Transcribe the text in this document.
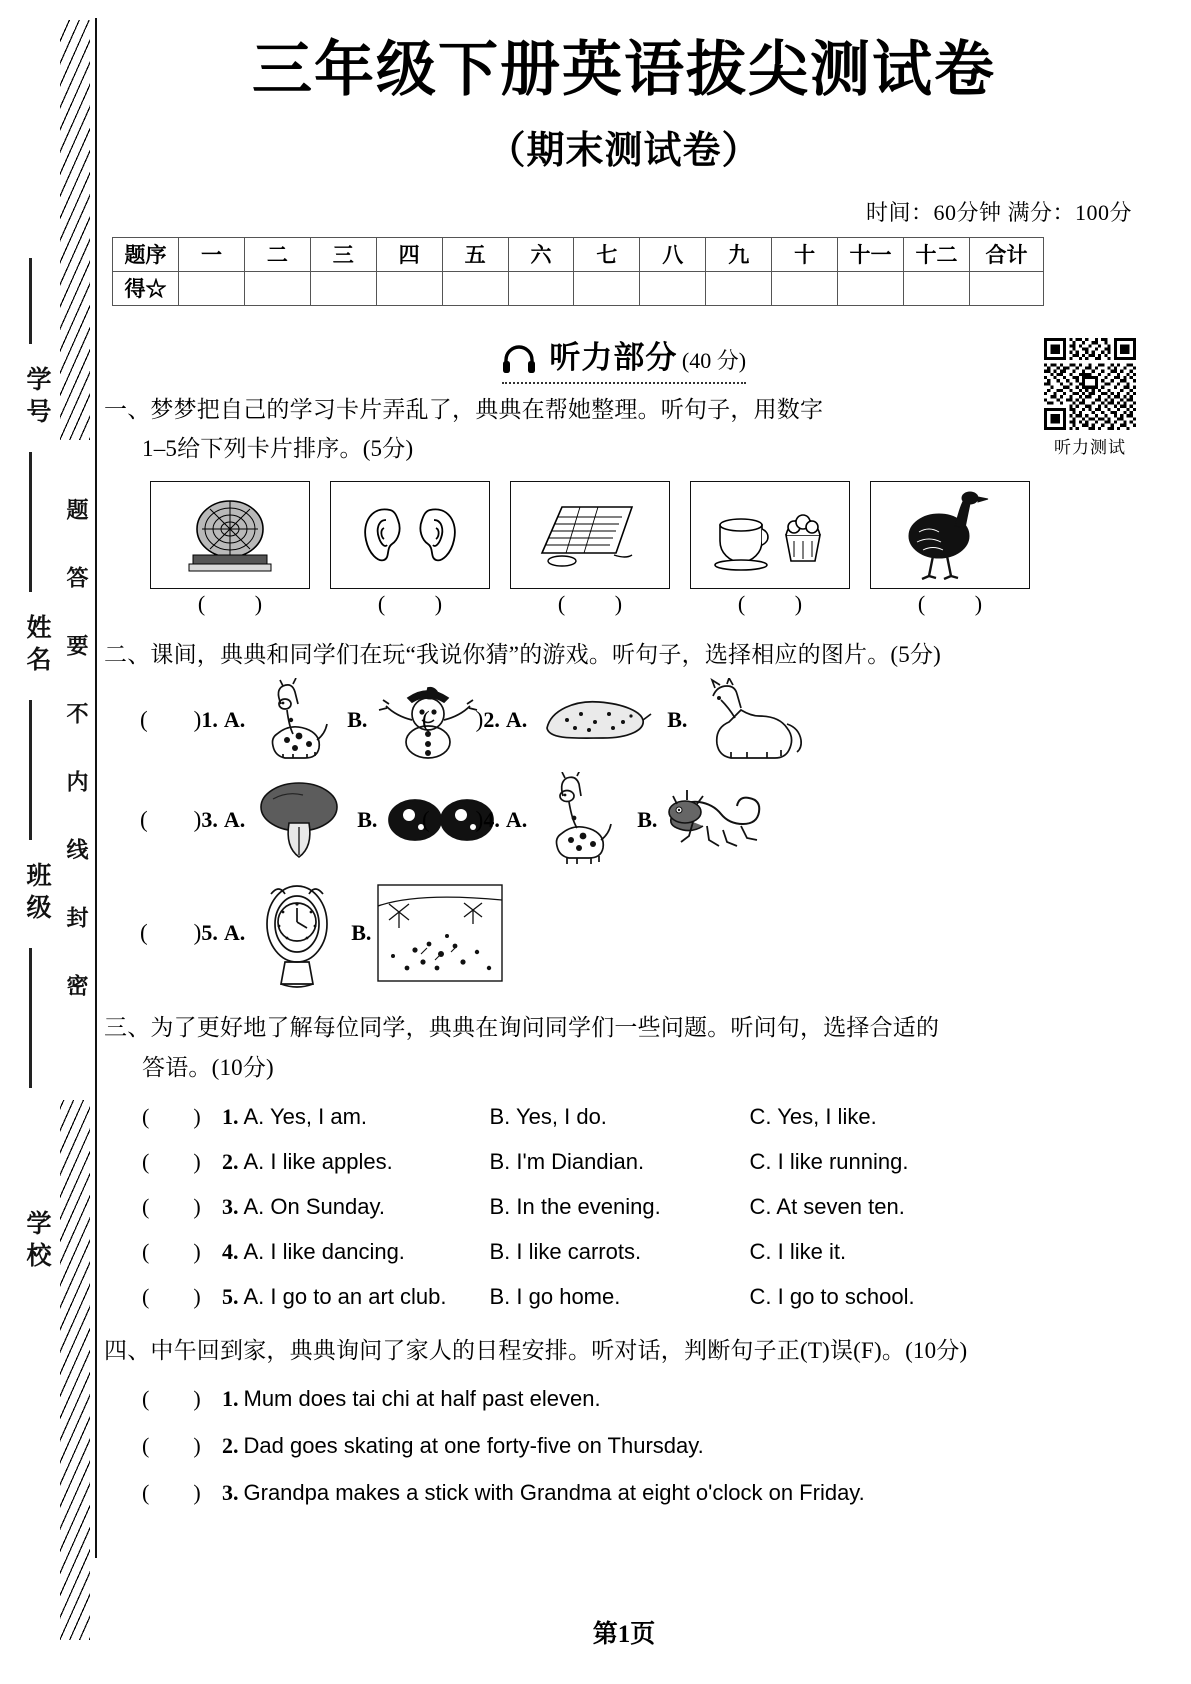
学号
姓名
班级
学校
题答要不内线封密
三年级下册英语拔尖测试卷
（期末测试卷）
时间：60分钟 满分：100分
题序	一	二	三	四	五	六	七	八	九	十	十一	十二	合计
得☆													
听力部分 (40 分)
听力测试
一、梦梦把自己的学习卡片弄乱了，典典在帮她整理。听句子，用数字
1–5给下列卡片排序。(5分)
( )	( )	( )	( )	( )
二、课间，典典和同学们在玩“我说你猜”的游戏。听句子，选择相应的图片。(5分)
(        ) 1. A.	B. (        ) 2. A.	B.
(        ) 3. A.	B. (        ) 4. A.	B.
(        ) 5. A.	B.
三、为了更好地了解每位同学，典典在询问同学们一些问题。听问句，选择合适的
答语。(10分)
(        ) 1. A. Yes, I am.	B. Yes, I do.	C. Yes, I like.
(        ) 2. A. I like apples.	B. I'm Diandian.	C. I like running.
(        ) 3. A. On Sunday.	B. In the evening.	C. At seven ten.
(        ) 4. A. I like dancing.	B. I like carrots.	C. I like it.
(        ) 5. A. I go to an art club.	B. I go home.	C. I go to school.
四、中午回到家，典典询问了家人的日程安排。听对话，判断句子正(T)误(F)。(10分)
(        ) 1. Mum does tai chi at half past eleven.
(        ) 2. Dad goes skating at one forty-five on Thursday.
(        ) 3. Grandpa makes a stick with Grandma at eight o'clock on Friday.
第1页
